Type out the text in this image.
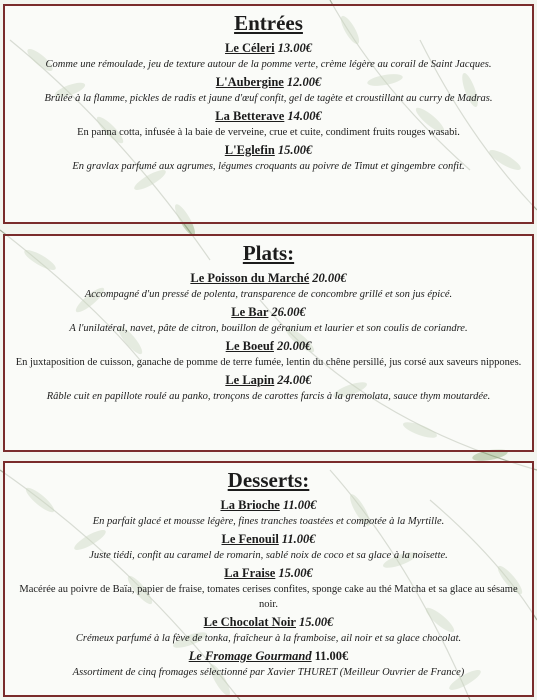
Entrées
Le Céleri 13.00€
Comme une rémoulade, jeu de texture autour de la pomme verte, crème légère au corail de Saint Jacques.
L'Aubergine 12.00€
Brûlée à la flamme, pickles de radis et jaune d'œuf confit, gel de tagète et croustillant au curry de Madras.
La Betterave 14.00€
En panna cotta, infusée à la baie de verveine, crue et cuite, condiment fruits rouges wasabi.
L'Eglefin 15.00€
En gravlax parfumé aux agrumes, légumes croquants au poivre de Timut et gingembre confit.
Plats:
Le Poisson du Marché 20.00€
Accompagné d'un pressé de polenta, transparence de concombre grillé et son jus épicé.
Le Bar 26.00€
A l'unilatéral, navet, pâte de citron, bouillon de géranium et laurier et son coulis de coriandre.
Le Boeuf 20.00€
En juxtaposition de cuisson, ganache de pomme de terre fumée, lentin du chêne persillé, jus corsé aux saveurs nippones.
Le Lapin 24.00€
Râble cuit en papillote roulé au panko, tronçons de carottes farcis à la gremolata, sauce thym moutardée.
Desserts:
La Brioche 11.00€
En parfait glacé et mousse légère, fines tranches toastées et compotée à la Myrtille.
Le Fenouil 11.00€
Juste tiédi, confit au caramel de romarin, sablé noix de coco et sa glace à la noisette.
La Fraise 15.00€
Macérée au poivre de Baïa, papier de fraise, tomates cerises confites, sponge cake au thé Matcha et sa glace au sésame noir.
Le Chocolat Noir 15.00€
Crémeux parfumé à la fève de tonka, fraîcheur à la framboise, ail noir et sa glace chocolat.
Le Fromage Gourmand 11.00€
Assortiment de cinq fromages sélectionné par Xavier THURET (Meilleur Ouvrier de France)
